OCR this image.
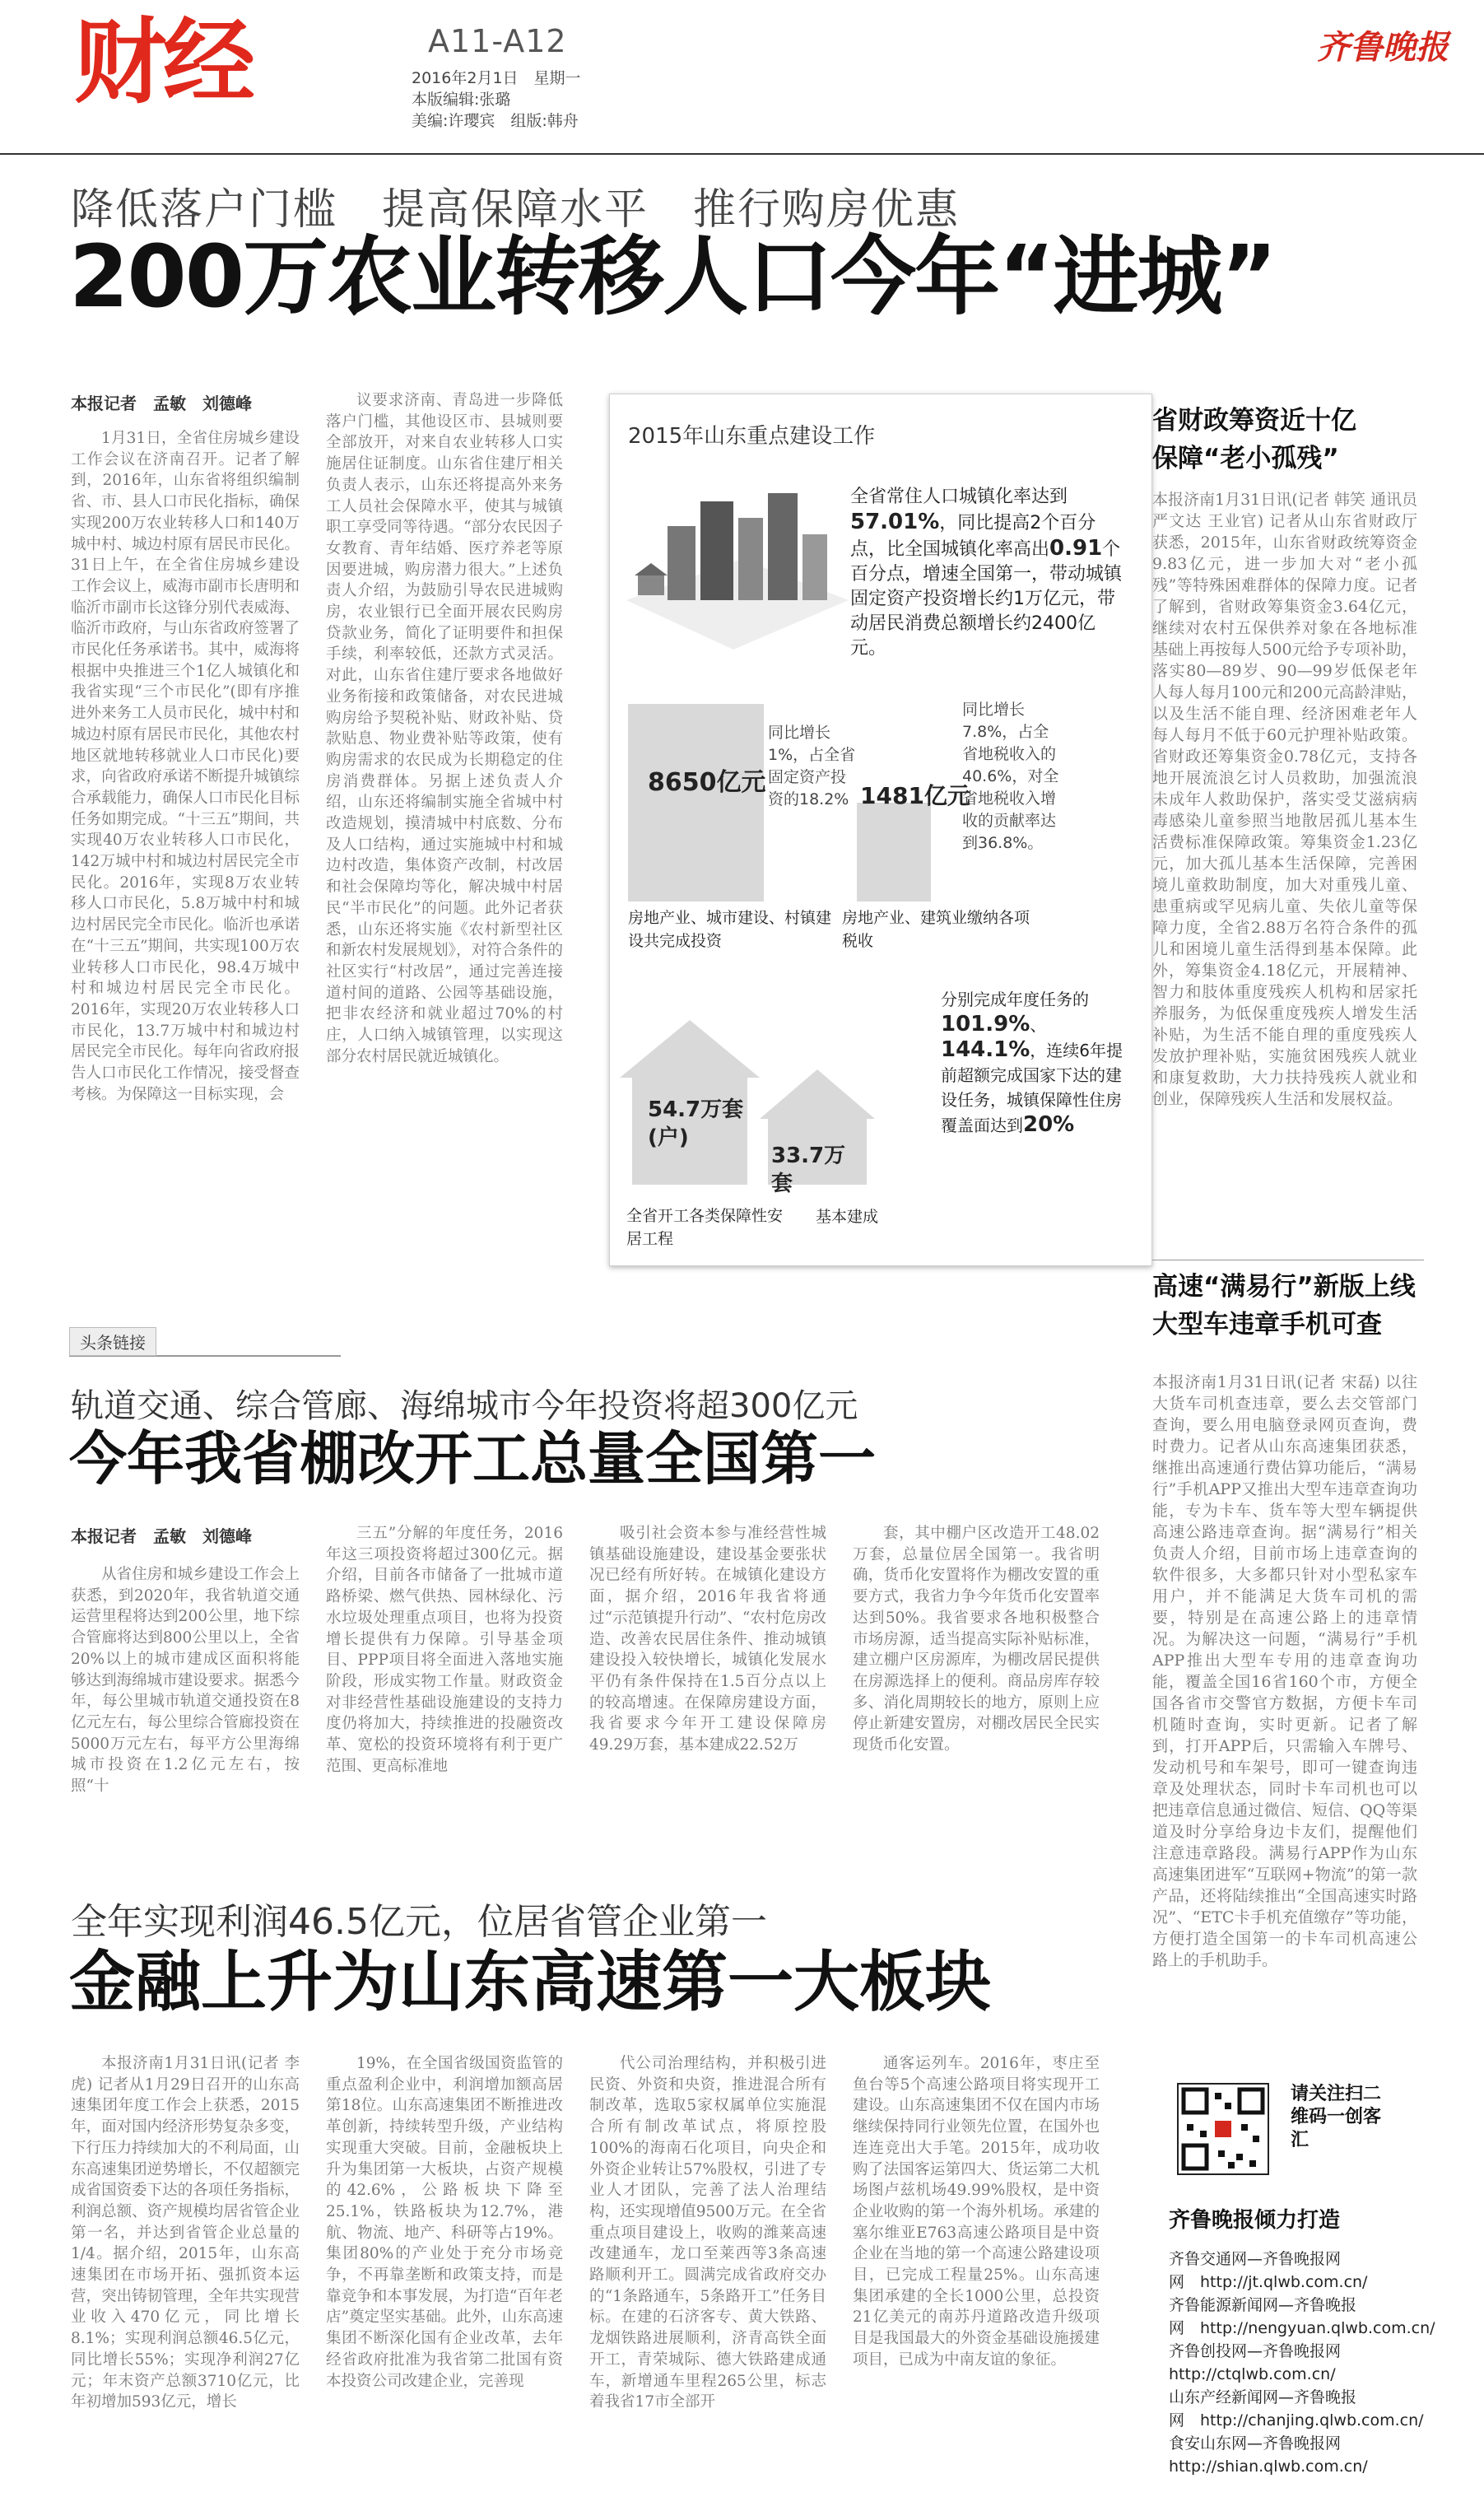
财经	A11-A12
2016年2月1日　星期一
本版编辑:张璐
美编:许璎宾　组版:韩舟
齐鲁晚报
降低落户门槛　提高保障水平　推行购房优惠
200万农业转移人口今年“进城”
本报记者　孟敏　刘德峰

1月31日，全省住房城乡建设工作会议在济南召开。记者了解到，2016年，山东省将组织编制省、市、县人口市民化指标，确保实现200万农业转移人口和140万城中村、城边村原有居民市民化。31日上午，在全省住房城乡建设工作会议上，威海市副市长唐明和临沂市副市长这锋分别代表威海、临沂市政府，与山东省政府签署了市民化任务承诺书。其中，威海将根据中央推进三个1亿人城镇化和我省实现“三个市民化”(即有序推进外来务工人员市民化，城中村和城边村原有居民市民化，其他农村地区就地转移就业人口市民化)要求，向省政府承诺不断提升城镇综合承载能力，确保人口市民化目标任务如期完成。“十三五”期间，共实现40万农业转移人口市民化，142万城中村和城边村居民完全市民化。2016年，实现8万农业转移人口市民化，5.8万城中村和城边村居民完全市民化。临沂也承诺在“十三五”期间，共实现100万农业转移人口市民化，98.4万城中村和城边村居民完全市民化。2016年，实现20万农业转移人口市民化，13.7万城中村和城边村居民完全市民化。每年向省政府报告人口市民化工作情况，接受督查考核。为保障这一目标实现，会

议要求济南、青岛进一步降低落户门槛，其他设区市、县城则要全部放开，对来自农业转移人口实施居住证制度。山东省住建厅相关负责人表示，山东还将提高外来务工人员社会保障水平，使其与城镇职工享受同等待遇。“部分农民因子女教育、青年结婚、医疗养老等原因要进城，购房潜力很大。”上述负责人介绍，为鼓励引导农民进城购房，农业银行已全面开展农民购房贷款业务，简化了证明要件和担保手续，利率较低，还款方式灵活。对此，山东省住建厅要求各地做好业务衔接和政策储备，对农民进城购房给予契税补贴、财政补贴、贷款贴息、物业费补贴等政策，使有购房需求的农民成为长期稳定的住房消费群体。另据上述负责人介绍，山东还将编制实施全省城中村改造规划，摸清城中村底数、分布及人口结构，通过实施城中村和城边村改造，集体资产改制，村改居和社会保障均等化，解决城中村居民“半市民化”的问题。此外记者获悉，山东还将实施《农村新型社区和新农村发展规划》，对符合条件的社区实行“村改居”，通过完善连接道村间的道路、公园等基础设施，把非农经济和就业超过70%的村庄，人口纳入城镇管理，以实现这部分农村居民就近城镇化。

2015年山东重点建设工作
全省常住人口城镇化率达到57.01%，同比提高2个百分点，比全国城镇化率高出0.91个百分点，增速全国第一，带动城镇固定资产投资增长约1万亿元，带动居民消费总额增长约2400亿元。
8650亿元
同比增长1%，占全省固定资产投资的18.2%
房地产业、城市建设、村镇建设共完成投资
1481亿元
同比增长7.8%，占全省地税收入的40.6%，对全省地税收入增收的贡献率达到36.8%。
房地产业、建筑业缴纳各项税收
分别完成年度任务的101.9%、144.1%，连续6年提前超额完成国家下达的建设任务，城镇保障性住房覆盖面达到20%
54.7万套(户)
33.7万套
全省开工各类保障性安居工程
基本建成
省财政筹资近十亿
保障“老小孤残”
本报济南1月31日讯(记者 韩笑 通讯员 严文达 王业官) 记者从山东省财政厅获悉，2015年，山东省财政统筹资金9.83亿元，进一步加大对“老小孤残”等特殊困难群体的保障力度。记者了解到，省财政筹集资金3.64亿元，继续对农村五保供养对象在各地标准基础上再按每人500元给予专项补助，落实80—89岁、90—99岁低保老年人每人每月100元和200元高龄津贴，以及生活不能自理、经济困难老年人每人每月不低于60元护理补贴政策。省财政还筹集资金0.78亿元，支持各地开展流浪乞讨人员救助，加强流浪未成年人救助保护，落实受艾滋病病毒感染儿童参照当地散居孤儿基本生活费标准保障政策。筹集资金1.23亿元，加大孤儿基本生活保障，完善困境儿童救助制度，加大对重残儿童、患重病或罕见病儿童、失依儿童等保障力度，全省2.88万名符合条件的孤儿和困境儿童生活得到基本保障。此外，筹集资金4.18亿元，开展精神、智力和肢体重度残疾人机构和居家托养服务，为低保重度残疾人增发生活补贴，为生活不能自理的重度残疾人发放护理补贴，实施贫困残疾人就业和康复救助，大力扶持残疾人就业和创业，保障残疾人生活和发展权益。
高速“满易行”新版上线
大型车违章手机可查
本报济南1月31日讯(记者 宋磊) 以往大货车司机查违章，要么去交管部门查询，要么用电脑登录网页查询，费时费力。记者从山东高速集团获悉，继推出高速通行费估算功能后，“满易行”手机APP又推出大型车违章查询功能，专为卡车、货车等大型车辆提供高速公路违章查询。据“满易行”相关负责人介绍，目前市场上违章查询的软件很多，大多都只针对小型私家车用户，并不能满足大货车司机的需要，特别是在高速公路上的违章情况。为解决这一问题，“满易行”手机APP推出大型车专用的违章查询功能，覆盖全国16省160个市，方便全国各省市交警官方数据，方便卡车司机随时查询，实时更新。记者了解到，打开APP后，只需输入车牌号、发动机号和车架号，即可一键查询违章及处理状态，同时卡车司机也可以把违章信息通过微信、短信、QQ等渠道及时分享给身边卡友们，提醒他们注意违章路段。满易行APP作为山东高速集团进军“互联网+物流”的第一款产品，还将陆续推出“全国高速实时路况”、“ETC卡手机充值缴存”等功能，方便打造全国第一的卡车司机高速公路上的手机助手。
头条链接
轨道交通、综合管廊、海绵城市今年投资将超300亿元
今年我省棚改开工总量全国第一
本报记者　孟敏　刘德峰

从省住房和城乡建设工作会上获悉，到2020年，我省轨道交通运营里程将达到200公里，地下综合管廊将达到800公里以上，全省20%以上的城市建成区面积将能够达到海绵城市建设要求。据悉今年，每公里城市轨道交通投资在8亿元左右，每公里综合管廊投资在5000万元左右，每平方公里海绵城市投资在1.2亿元左右，按照“十

三五”分解的年度任务，2016年这三项投资将超过300亿元。据介绍，目前各市储备了一批城市道路桥梁、燃气供热、园林绿化、污水垃圾处理重点项目，也将为投资增长提供有力保障。引导基金项目、PPP项目将全面进入落地实施阶段，形成实物工作量。财政资金对非经营性基础设施建设的支持力度仍将加大，持续推进的投融资改革、宽松的投资环境将有利于更广范围、更高标准地

吸引社会资本参与准经营性城镇基础设施建设，建设基金要张状况已经有所好转。在城镇化建设方面，据介绍，2016年我省将通过“示范镇提升行动”、“农村危房改造、改善农民居住条件、推动城镇建设投入较快增长，城镇化发展水平仍有条件保持在1.5百分点以上的较高增速。在保障房建设方面，我省要求今年开工建设保障房49.29万套，基本建成22.52万

套，其中棚户区改造开工48.02万套，总量位居全国第一。我省明确，货币化安置将作为棚改安置的重要方式，我省力争今年货币化安置率达到50%。我省要求各地积极整合市场房源，适当提高实际补贴标准，建立棚户区房源库，为棚改居民提供在房源选择上的便利。商品房库存较多、消化周期较长的地方，原则上应停止新建安置房，对棚改居民全民实现货币化安置。

全年实现利润46.5亿元，位居省管企业第一
金融上升为山东高速第一大板块

本报济南1月31日讯(记者 李虎) 记者从1月29日召开的山东高速集团年度工作会上获悉，2015年，面对国内经济形势复杂多变，下行压力持续加大的不利局面，山东高速集团逆势增长，不仅超额完成省国资委下达的各项任务指标，利润总额、资产规模均居省管企业第一名，并达到省管企业总量的1/4。据介绍，2015年，山东高速集团在市场开拓、强抓资本运营，突出铸韧管理，全年共实现营业收入470亿元，同比增长8.1%；实现利润总额46.5亿元，同比增长55%；实现净利润27亿元；年末资产总额3710亿元，比年初增加593亿元，增长

19%，在全国省级国资监管的重点盈利企业中，利润增加额高居第18位。山东高速集团不断推进改革创新，持续转型升级，产业结构实现重大突破。目前，金融板块上升为集团第一大板块，占资产规模的42.6%，公路板块下降至25.1%，铁路板块为12.7%，港航、物流、地产、科研等占19%。集团80%的产业处于充分市场竞争，不再靠垄断和政策支持，而是靠竞争和本事发展，为打造“百年老店”奠定坚实基础。此外，山东高速集团不断深化国有企业改革，去年经省政府批准为我省第二批国有资本投资公司改建企业，完善现

代公司治理结构，并积极引进民资、外资和央资，推进混合所有制改革，选取5家权属单位实施混合所有制改革试点，将原控股100%的海南石化项目，向央企和外资企业转让57%股权，引进了专业人才团队，完善了法人治理结构，还实现增值9500万元。在全省重点项目建设上，收购的潍莱高速改建通车，龙口至莱西等3条高速路顺利开工。圆满完成省政府交办的“1条路通车，5条路开工”任务目标。在建的石济客专、黄大铁路、龙烟铁路进展顺利，济青高铁全面开工，青荣城际、德大铁路建成通车，新增通车里程265公里，标志着我省17市全部开

通客运列车。2016年，枣庄至鱼台等5个高速公路项目将实现开工建设。山东高速集团不仅在国内市场继续保持同行业领先位置，在国外也连连竞出大手笔。2015年，成功收购了法国客运第四大、货运第二大机场图卢兹机场49.99%股权，是中资企业收购的第一个海外机场。承建的塞尔维亚E763高速公路项目是中资企业在当地的第一个高速公路建设项目，已完成工程量25%。山东高速集团承建的全长1000公里，总投资21亿美元的南苏丹道路改造升级项目是我国最大的外资金基础设施援建项目，已成为中南友谊的象征。

请关注扫二维码一创客汇
齐鲁晚报倾力打造
齐鲁交通网—齐鲁晚报网
网　http://jt.qlwb.com.cn/
齐鲁能源新闻网—齐鲁晚报
网　http://nengyuan.qlwb.com.cn/
齐鲁创投网—齐鲁晚报网
http://ctqlwb.com.cn/
山东产经新闻网—齐鲁晚报
网　http://chanjing.qlwb.com.cn/
食安山东网—齐鲁晚报网
http://shian.qlwb.com.cn/
